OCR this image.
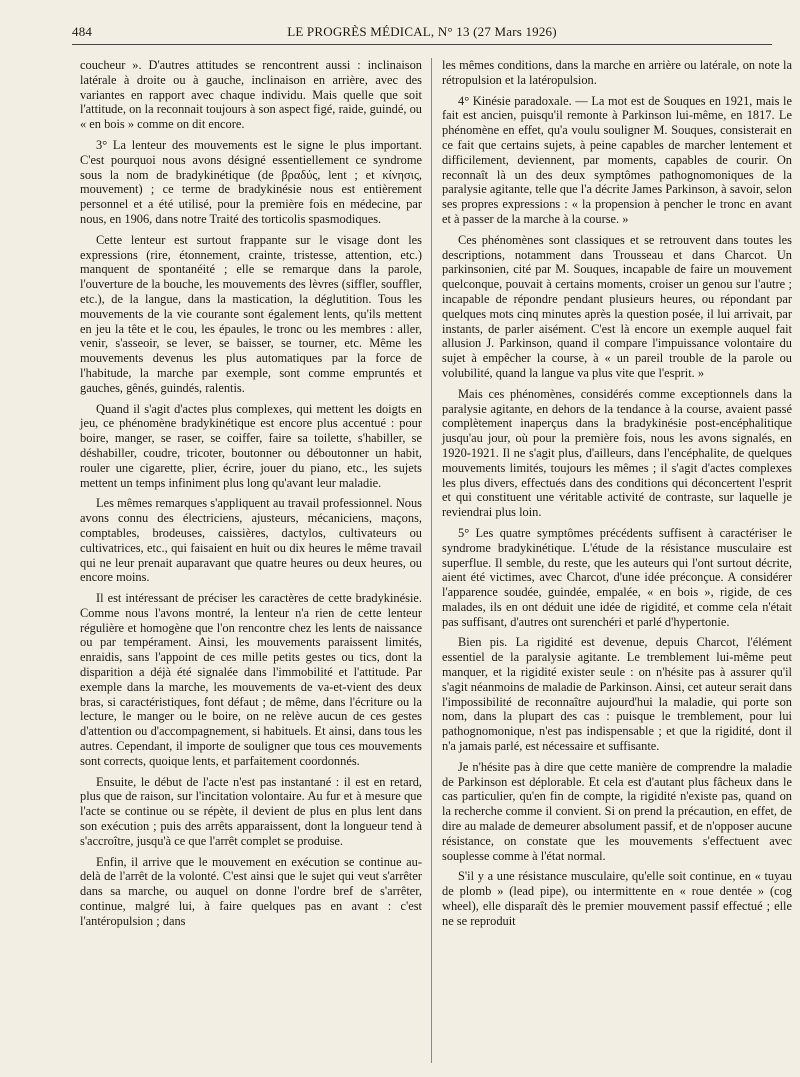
484	LE PROGRÈS MÉDICAL, N° 13 (27 Mars 1926)

coucheur ». D'autres attitudes se rencontrent aussi : inclinaison latérale à droite ou à gauche, inclinaison en arrière, avec des variantes en rapport avec chaque individu. Mais quelle que soit l'attitude, on la reconnait toujours à son aspect figé, raide, guindé, ou « en bois » comme on dit encore.

3° La lenteur des mouvements est le signe le plus important. C'est pourquoi nous avons désigné essentiellement ce syndrome sous la nom de bradykinétique (de βραδύς, lent ; et κίνησις, mouvement) ; ce terme de bradykinésie nous est entièrement personnel et a été utilisé, pour la première fois en médecine, par nous, en 1906, dans notre Traité des torticolis spasmodiques.

Cette lenteur est surtout frappante sur le visage dont les expressions (rire, étonnement, crainte, tristesse, attention, etc.) manquent de spontanéité ; elle se remarque dans la parole, l'ouverture de la bouche, les mouvements des lèvres (siffler, souffler, etc.), de la langue, dans la mastication, la déglutition. Tous les mouvements de la vie courante sont également lents, qu'ils mettent en jeu la tête et le cou, les épaules, le tronc ou les membres : aller, venir, s'asseoir, se lever, se baisser, se tourner, etc. Même les mouvements devenus les plus automatiques par la force de l'habitude, la marche par exemple, sont comme empruntés et gauches, gênés, guindés, ralentis.

Quand il s'agit d'actes plus complexes, qui mettent les doigts en jeu, ce phénomène bradykinétique est encore plus accentué : pour boire, manger, se raser, se coiffer, faire sa toilette, s'habiller, se déshabiller, coudre, tricoter, boutonner ou déboutonner un habit, rouler une cigarette, plier, écrire, jouer du piano, etc., les sujets mettent un temps infiniment plus long qu'avant leur maladie.

Les mêmes remarques s'appliquent au travail professionnel. Nous avons connu des électriciens, ajusteurs, mécaniciens, maçons, comptables, brodeuses, caissières, dactylos, cultivateurs ou cultivatrices, etc., qui faisaient en huit ou dix heures le même travail qui ne leur prenait auparavant que quatre heures ou deux heures, ou encore moins.

Il est intéressant de préciser les caractères de cette bradykinésie. Comme nous l'avons montré, la lenteur n'a rien de cette lenteur régulière et homogène que l'on rencontre chez les lents de naissance ou par tempérament. Ainsi, les mouvements paraissent limités, enraidis, sans l'appoint de ces mille petits gestes ou tics, dont la disparition a déjà été signalée dans l'immobilité et l'attitude. Par exemple dans la marche, les mouvements de va-et-vient des deux bras, si caractéristiques, font défaut ; de même, dans l'écriture ou la lecture, le manger ou le boire, on ne relève aucun de ces gestes d'attention ou d'accompagnement, si habituels. Et ainsi, dans tous les autres. Cependant, il importe de souligner que tous ces mouvements sont corrects, quoique lents, et parfaitement coordonnés.

Ensuite, le début de l'acte n'est pas instantané : il est en retard, plus que de raison, sur l'incitation volontaire. Au fur et à mesure que l'acte se continue ou se répète, il devient de plus en plus lent dans son exécution ; puis des arrêts apparaissent, dont la longueur tend à s'accroître, jusqu'à ce que l'arrêt complet se produise.

Enfin, il arrive que le mouvement en exécution se continue au-delà de l'arrêt de la volonté. C'est ainsi que le sujet qui veut s'arrêter dans sa marche, ou auquel on donne l'ordre bref de s'arrêter, continue, malgré lui, à faire quelques pas en avant : c'est l'antéropulsion ; dans

les mêmes conditions, dans la marche en arrière ou latérale, on note la rétropulsion et la latéropulsion.

4° Kinésie paradoxale. — La mot est de Souques en 1921, mais le fait est ancien, puisqu'il remonte à Parkinson lui-même, en 1817. Le phénomène en effet, qu'a voulu souligner M. Souques, consisterait en ce fait que certains sujets, à peine capables de marcher lentement et difficilement, deviennent, par moments, capables de courir. On reconnaît là un des deux symptômes pathognomoniques de la paralysie agitante, telle que l'a décrite James Parkinson, à savoir, selon ses propres expressions : « la propension à pencher le tronc en avant et à passer de la marche à la course. »

Ces phénomènes sont classiques et se retrouvent dans toutes les descriptions, notamment dans Trousseau et dans Charcot. Un parkinsonien, cité par M. Souques, incapable de faire un mouvement quelconque, pouvait à certains moments, croiser un genou sur l'autre ; incapable de répondre pendant plusieurs heures, ou répondant par quelques mots cinq minutes après la question posée, il lui arrivait, par instants, de parler aisément. C'est là encore un exemple auquel fait allusion J. Parkinson, quand il compare l'impuissance volontaire du sujet à empêcher la course, à « un pareil trouble de la parole ou volubilité, quand la langue va plus vite que l'esprit. »

Mais ces phénomènes, considérés comme exceptionnels dans la paralysie agitante, en dehors de la tendance à la course, avaient passé complètement inaperçus dans la bradykinésie post-encéphalitique jusqu'au jour, où pour la première fois, nous les avons signalés, en 1920-1921. Il ne s'agit plus, d'ailleurs, dans l'encéphalite, de quelques mouvements limités, toujours les mêmes ; il s'agit d'actes complexes les plus divers, effectués dans des conditions qui déconcertent l'esprit et qui constituent une véritable activité de contraste, sur laquelle je reviendrai plus loin.

5° Les quatre symptômes précédents suffisent à caractériser le syndrome bradykinétique. L'étude de la résistance musculaire est superflue. Il semble, du reste, que les auteurs qui l'ont surtout décrite, aient été victimes, avec Charcot, d'une idée préconçue. A considérer l'apparence soudée, guindée, empalée, « en bois », rigide, de ces malades, ils en ont déduit une idée de rigidité, et comme cela n'était pas suffisant, d'autres ont surenchéri et parlé d'hypertonie.

Bien pis. La rigidité est devenue, depuis Charcot, l'élément essentiel de la paralysie agitante. Le tremblement lui-même peut manquer, et la rigidité exister seule : on n'hésite pas à assurer qu'il s'agit néanmoins de maladie de Parkinson. Ainsi, cet auteur serait dans l'impossibilité de reconnaître aujourd'hui la maladie, qui porte son nom, dans la plupart des cas : puisque le tremblement, pour lui pathognomonique, n'est pas indispensable ; et que la rigidité, dont il n'a jamais parlé, est nécessaire et suffisante.

Je n'hésite pas à dire que cette manière de comprendre la maladie de Parkinson est déplorable. Et cela est d'autant plus fâcheux dans le cas particulier, qu'en fin de compte, la rigidité n'existe pas, quand on la recherche comme il convient. Si on prend la précaution, en effet, de dire au malade de demeurer absolument passif, et de n'opposer aucune résistance, on constate que les mouvements s'effectuent avec souplesse comme à l'état normal.

S'il y a une résistance musculaire, qu'elle soit continue, en « tuyau de plomb » (lead pipe), ou intermittente en « roue dentée » (cog wheel), elle disparaît dès le premier mouvement passif effectué ; elle ne se reproduit
